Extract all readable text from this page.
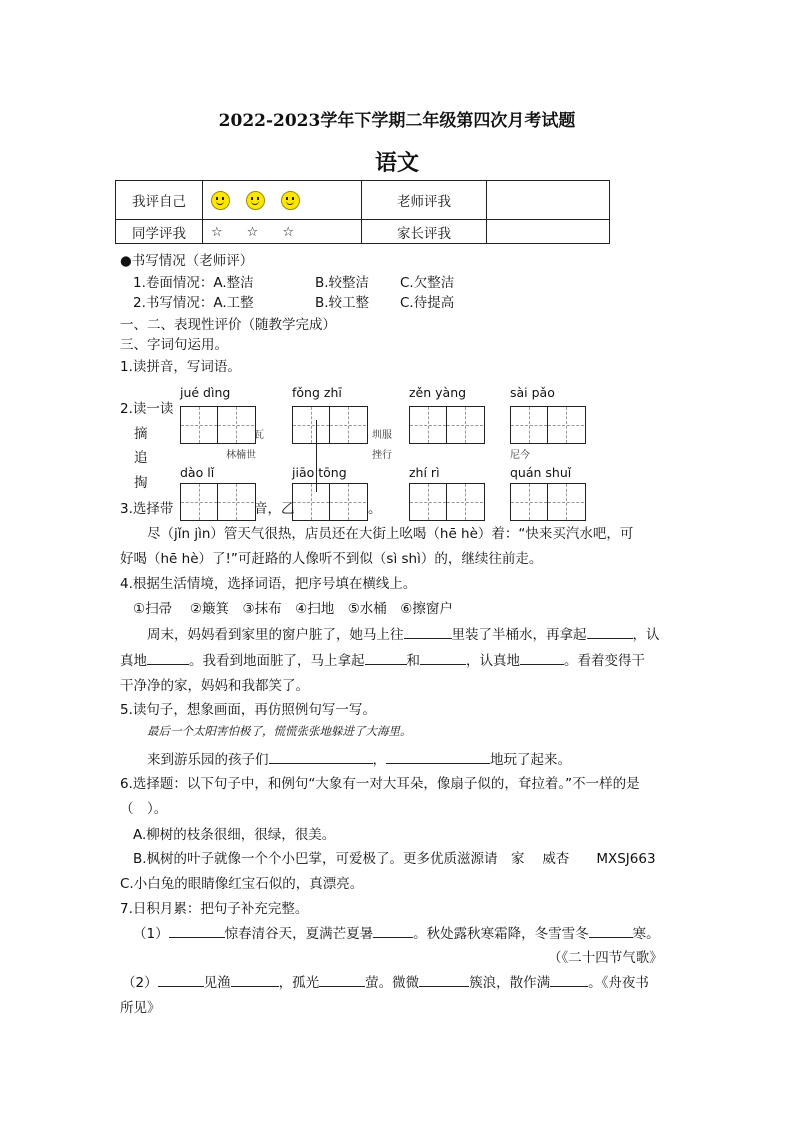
2022-2023学年下学期二年级第四次月考试题
语文
我评自己		老师评我	
同学评我	☆ ☆ ☆	家长评我	
●书写情况（老师评）
1.卷面情况：A.整洁	B.较整洁 C.欠整洁
2.书写情况：A.工整	B.较工整 C.待提高
一、二、表现性评价（随教学完成）
三、字词句运用。
1.读拼音，写词语。
jué dìng	fǒng zhī	zěn yàng	sài pǎo
dào lǐ	jiāo tōng	zhí rì	quán shuǐ
2.读一读
摘
追
掏
林楠世
圳服
挫行	尼今
瓦
3.选择带	音，⼄	。
尽（jǐn jìn）管天气很热，店员还在大街上吆喝（hē hè）着：“快来买汽水吧，可
好喝（hē hè）了!”可赶路的人像听不到似（sì shì）的，继续往前走。
4.根据生活情境，选择词语，把序号填在横线上。
①扫帚　 ②簸箕　③抹布　④扫地　⑤水桶　⑥擦窗户
周末，妈妈看到家里的窗户脏了，她马上往	里装了半桶水，再拿起	，认
真地	。我看到地面脏了，马上拿起	和	，认真地	。看着变得干
干净净的家，妈妈和我都笑了。
5.读句子，想象画面，再仿照例句写一写。
最后一个太阳害怕极了，慌慌张张地躲进了大海里。
来到游乐园的孩子们	，	地玩了起来。
6.选择题：以下句子中，和例句“大象有一对大耳朵，像扇子似的，耷拉着。”不一样的是
（　）。
A.柳树的枝条很细，很绿，很美。
B.枫树的叶子就像一个个小巴掌，可爱极了。更多优质滋源请　家　 威杏　　MXSJ663
C.小白兔的眼睛像红宝石似的，真漂亮。
7.日积月累：把句子补充完整。
（1）	惊春清谷天，夏满芒夏暑	。秋处露秋寒霜降，冬雪雪冬	寒。
（《二十四节气歌》
（2）	见渔	，孤光	萤。微微	簇浪，散作满	。《舟夜书
所见》
